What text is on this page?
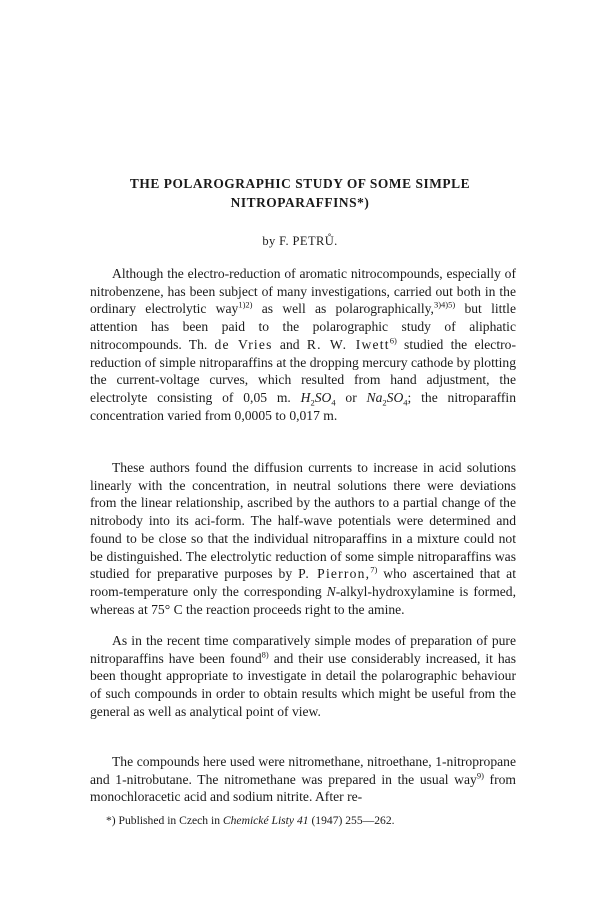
THE POLAROGRAPHIC STUDY OF SOME SIMPLE
NITROPARAFFINS*)
by F. PETRŮ.

Although the electro-reduction of aromatic nitrocompounds, especially of nitrobenzene, has been subject of many investigations, carried out both in the ordinary electrolytic way$^{1)2)}$ as well as polarographically,$^{3)4)5)}$ but little attention has been paid to the polarographic study of aliphatic nitrocompounds. Th. de Vries and R. W. Iwett$^{6)}$ studied the electro-reduction of simple nitroparaffins at the dropping mercury cathode by plotting the current-voltage curves, which resulted from hand adjustment, the electrolyte consisting of 0,05 m. $H_2SO_4$ or $Na_2SO_4$; the nitroparaffin concentration varied from 0,0005 to 0,017 m.

These authors found the diffusion currents to increase in acid solutions linearly with the concentration, in neutral solutions there were deviations from the linear relationship, ascribed by the authors to a partial change of the nitrobody into its aci-form. The half-wave potentials were determined and found to be close so that the individual nitroparaffins in a mixture could not be distinguished. The electrolytic reduction of some simple nitroparaffins was studied for preparative purposes by P. Pierron,$^{7)}$ who ascertained that at room-temperature only the corresponding N-alkyl-hydroxylamine is formed, whereas at 75° C the reaction proceeds right to the amine.

As in the recent time comparatively simple modes of preparation of pure nitroparaffins have been found$^{8)}$ and their use considerably increased, it has been thought appropriate to investigate in detail the polarographic behaviour of such compounds in order to obtain results which might be useful from the general as well as analytical point of view.

The compounds here used were nitromethane, nitroethane, 1-nitropropane and 1-nitrobutane. The nitromethane was prepared in the usual way$^{9)}$ from monochloracetic acid and sodium nitrite. After re-

*) Published in Czech in Chemické Listy 41 (1947) 255—262.
